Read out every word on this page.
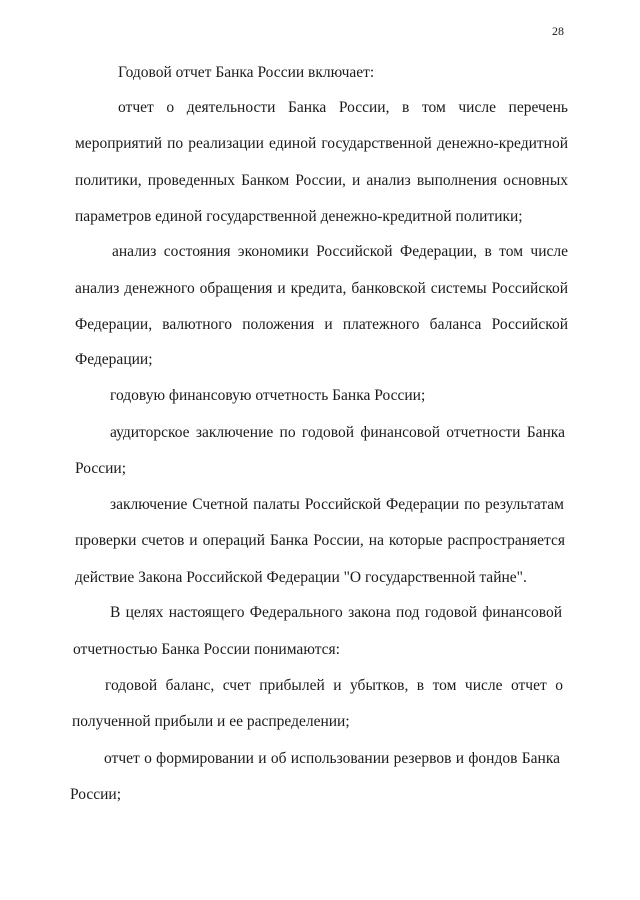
28
Годовой отчет Банка России включает:
отчет о деятельности Банка России, в том числе перечень
мероприятий по реализации единой государственной денежно-кредитной
политики, проведенных Банком России, и анализ выполнения основных
параметров единой государственной денежно-кредитной политики;
анализ состояния экономики Российской Федерации, в том числе
анализ денежного обращения и кредита, банковской системы Российской
Федерации, валютного положения и платежного баланса Российской
Федерации;
годовую финансовую отчетность Банка России;
аудиторское заключение по годовой финансовой отчетности Банка
России;
заключение Счетной палаты Российской Федерации по результатам
проверки счетов и операций Банка России, на которые распространяется
действие Закона Российской Федерации "О государственной тайне".
В целях настоящего Федерального закона под годовой финансовой
отчетностью Банка России понимаются:
годовой баланс, счет прибылей и убытков, в том числе отчет о
полученной прибыли и ее распределении;
отчет о формировании и об использовании резервов и фондов Банка
России;
